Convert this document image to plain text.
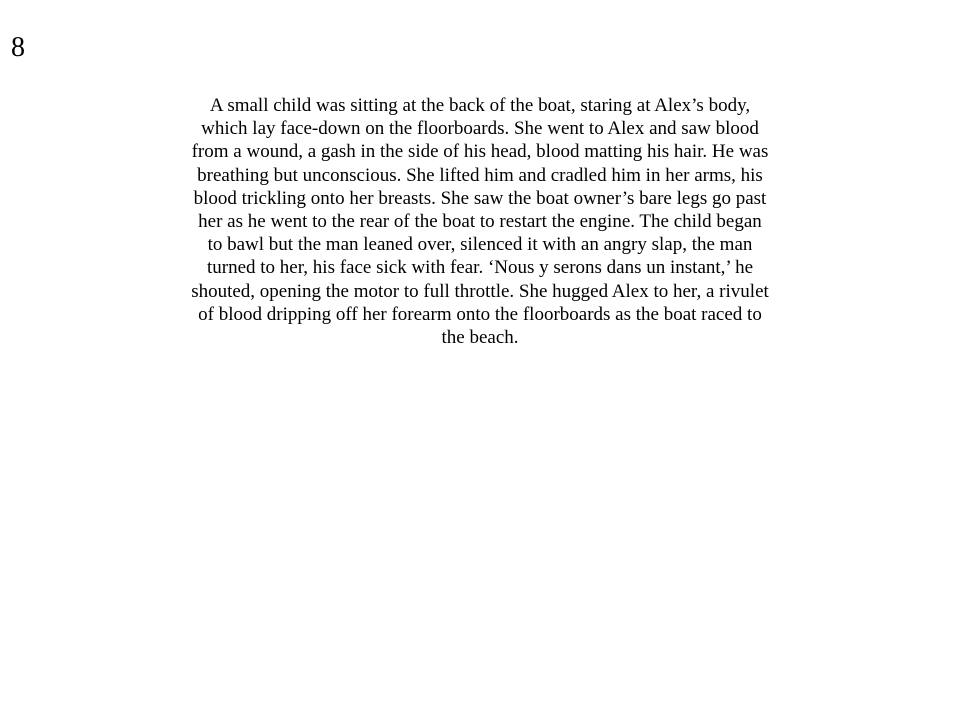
8
A small child was sitting at the back of the boat, staring at Alex’s body,
which lay face-down on the floorboards. She went to Alex and saw blood
from a wound, a gash in the side of his head, blood matting his hair. He was
breathing but unconscious. She lifted him and cradled him in her arms, his
blood trickling onto her breasts. She saw the boat owner’s bare legs go past
her as he went to the rear of the boat to restart the engine. The child began
to bawl but the man leaned over, silenced it with an angry slap, the man
turned to her, his face sick with fear. ‘Nous y serons dans un instant,’ he
shouted, opening the motor to full throttle. She hugged Alex to her, a rivulet
of blood dripping off her forearm onto the floorboards as the boat raced to
the beach.
